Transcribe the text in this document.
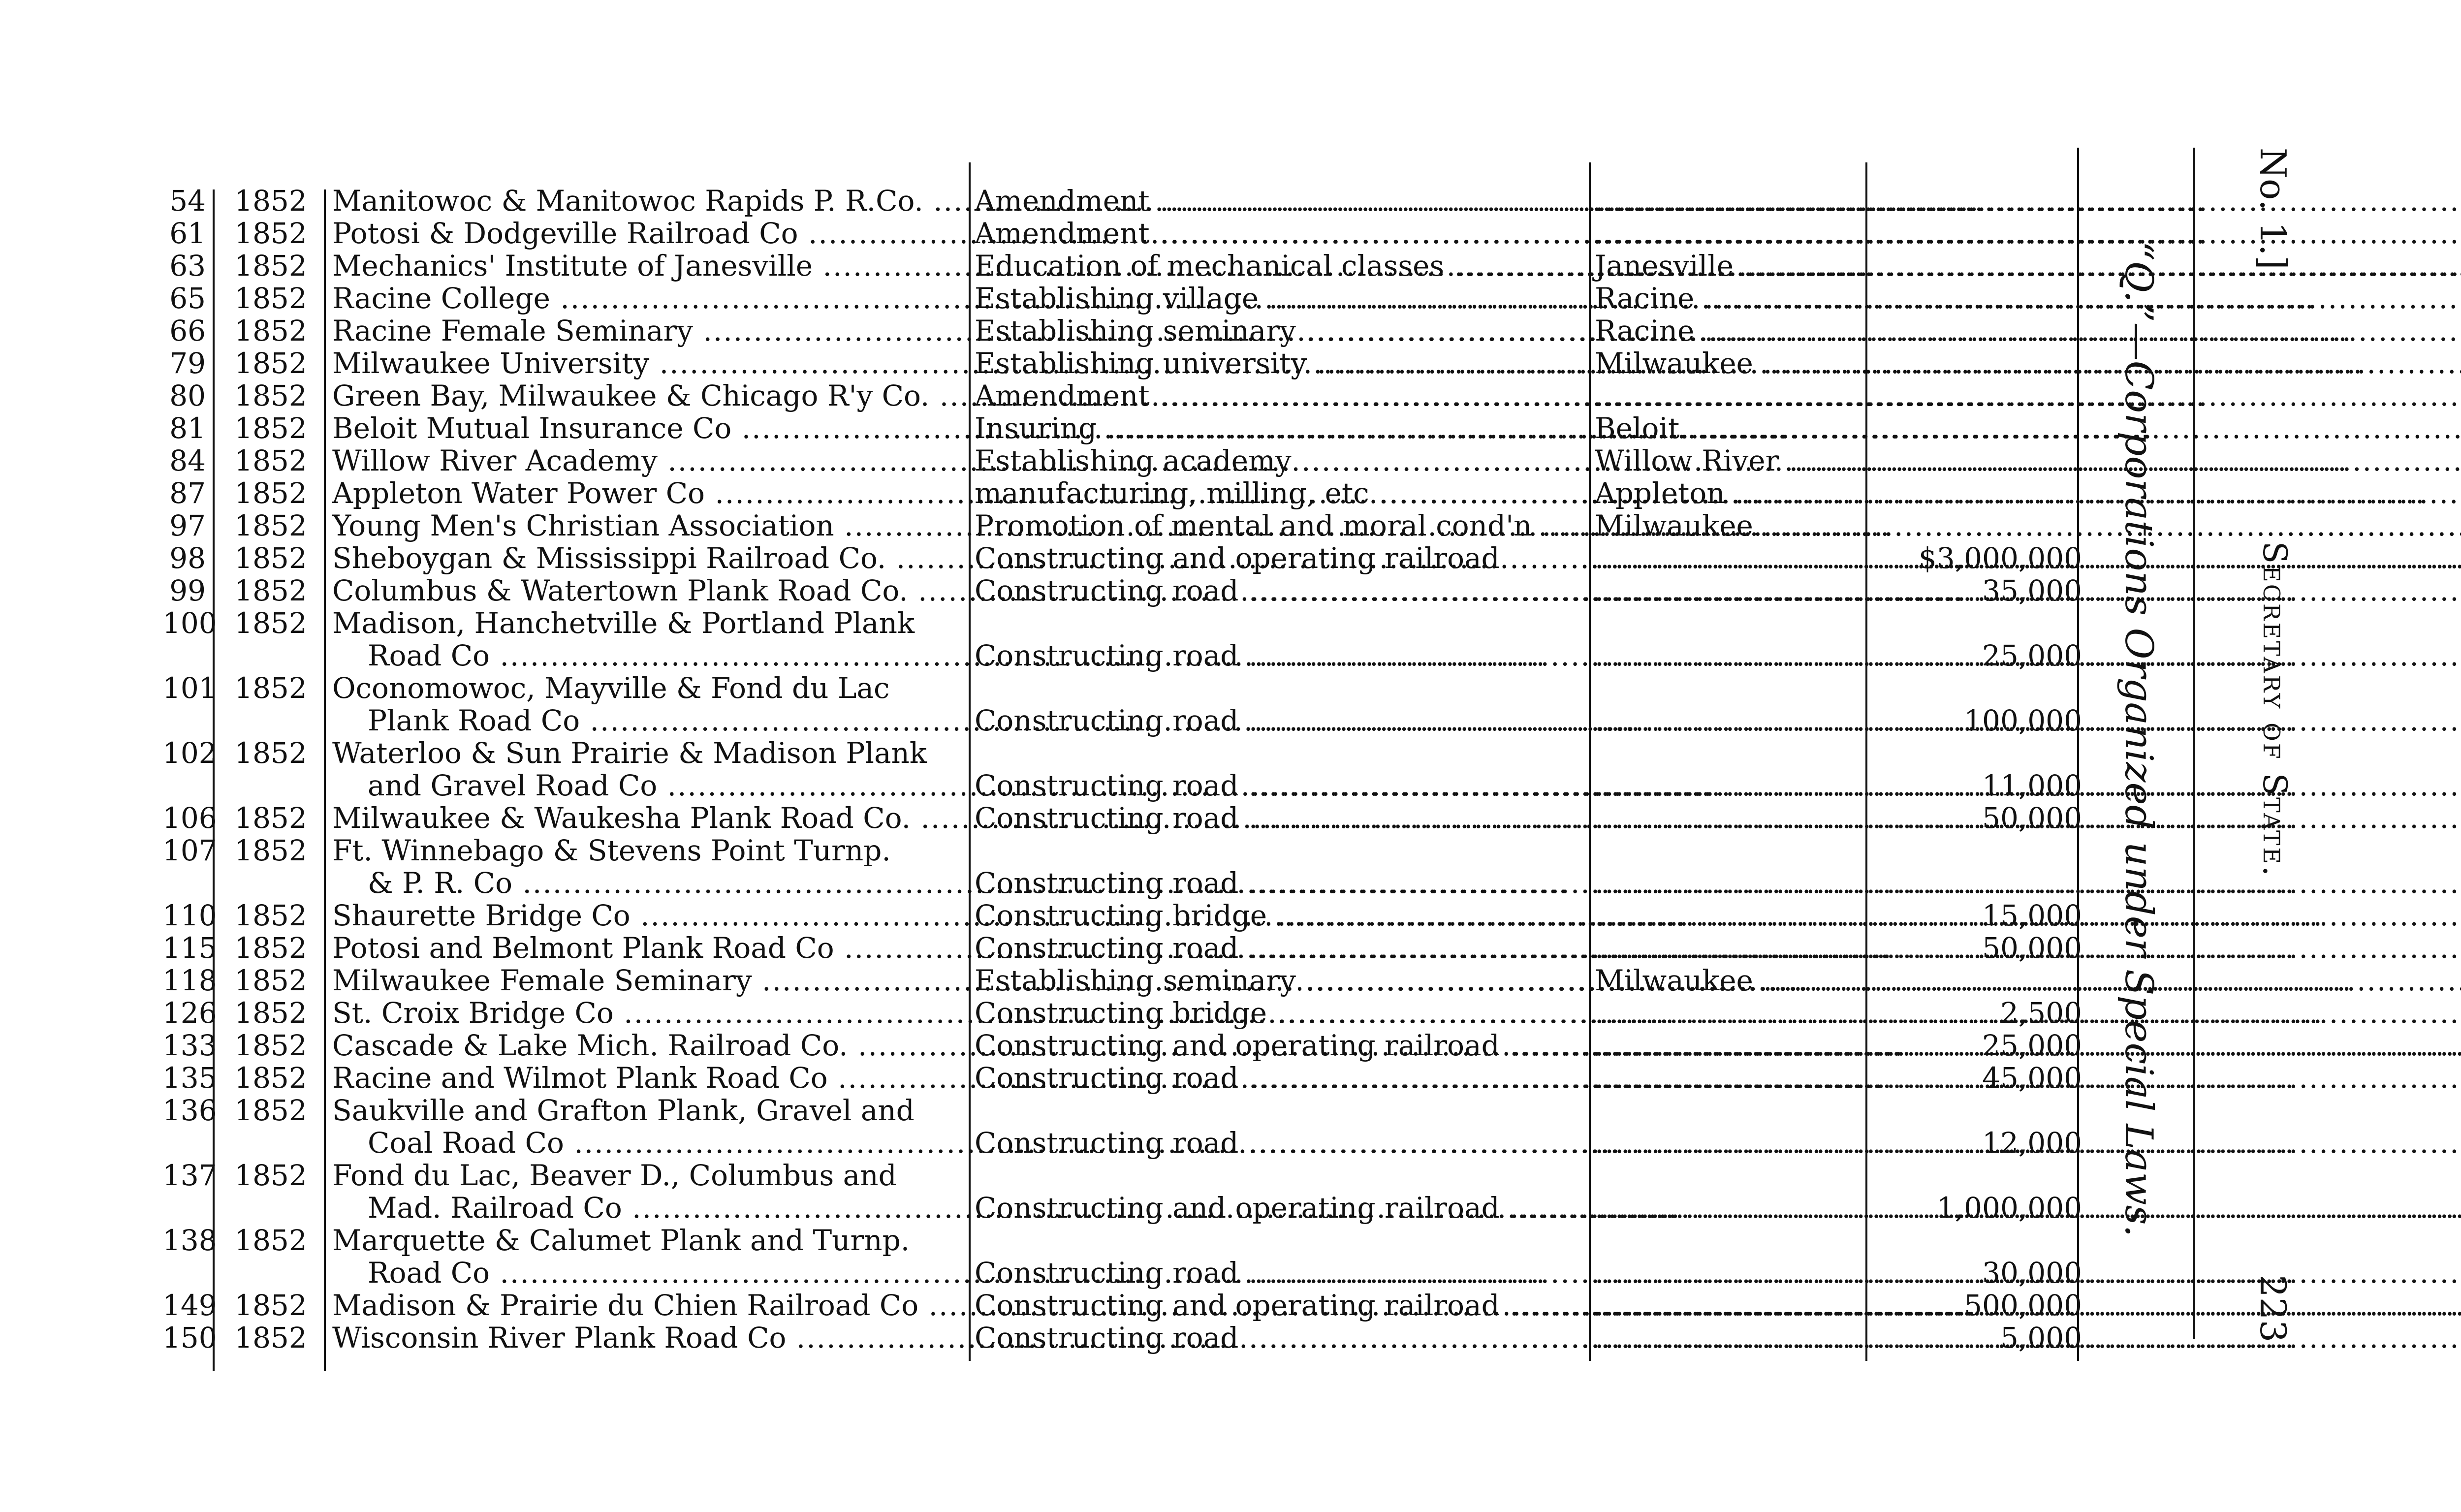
54	1852 Manitowoc & Manitowoc Rapids P. R.Co. .....	Amendment .....
.....
61	1852 Potosi & Dodgeville Railroad Co .....	Amendment .....
.....
63	1852 Mechanics' Institute of Janesville .....	Education of mechanical classes .....	Janesville .....
65	1852 Racine College .....	Establishing village .....	Racine .....
66	1852 Racine Female Seminary .....	Establishing seminary .....	Racine .....
79	1852 Milwaukee University .....	Establishing university .....	Milwaukee .....
80	1852 Green Bay, Milwaukee & Chicago R'y Co. .....	Amendment .....
.....
81	1852 Beloit Mutual Insurance Co .....	Insuring .....	Beloit. .....
84	1852 Willow River Academy .....	Establishing academy .....	Willow River .....
87	1852 Appleton Water Power Co .....	manufacturing, milling, etc .....	Appleton .....
97	1852 Young Men's Christian Association .....	Promotion of mental and moral cond'n .....	Milwaukee .....
98	1852 Sheboygan & Mississippi Railroad Co. .....	Constructing and operating railroad ..... .....	$3,000,000
99	1852 Columbus & Watertown Plank Road Co. .....	Constructing road ..... .....	35,000
100 1852 Madison, Hanchetville & Portland Plank
Road Co .....	Constructing road ..... .....	25,000
101 1852 Oconomowoc, Mayville & Fond du Lac
Plank Road Co .....	Constructing road ..... .....	100,000
102 1852 Waterloo & Sun Prairie & Madison Plank
and Gravel Road Co .....	Constructing road ..... .....	11,000
106 1852 Milwaukee & Waukesha Plank Road Co. .....	Constructing road ..... .....	50,000
107 1852 Ft. Winnebago & Stevens Point Turnp.
& P. R. Co .....	Constructing road .....
.....
110 1852 Shaurette Bridge Co .....	Constructing bridge ..... .....	15,000
115 1852 Potosi and Belmont Plank Road Co .....	Constructing road ..... .....	50,000
118 1852 Milwaukee Female Seminary .....	Establishing seminary .....	Milwaukee .....
126 1852 St. Croix Bridge Co .....	Constructing bridge ..... .....	2,500
133 1852 Cascade & Lake Mich. Railroad Co. .....	Constructing and operating railroad ..... .....	25,000
135 1852 Racine and Wilmot Plank Road Co .....	Constructing road ..... .....	45,000
136 1852 Saukville and Grafton Plank, Gravel and
Coal Road Co .....	Constructing road ..... .....	12,000
137 1852 Fond du Lac, Beaver D., Columbus and
Mad. Railroad Co .....	Constructing and operating railroad ..... .....	1,000,000
138 1852 Marquette & Calumet Plank and Turnp.
Road Co .....	Constructing road ..... .....	30,000
149 1852 Madison & Prairie du Chien Railroad Co .....	Constructing and operating railroad ..... .....	500,000
150 1852 Wisconsin River Plank Road Co .....	Constructing road ..... .....	5,000
No. 1.]
Secretary of State.
223
“Q.”—Corporations Organized under Special Laws.
